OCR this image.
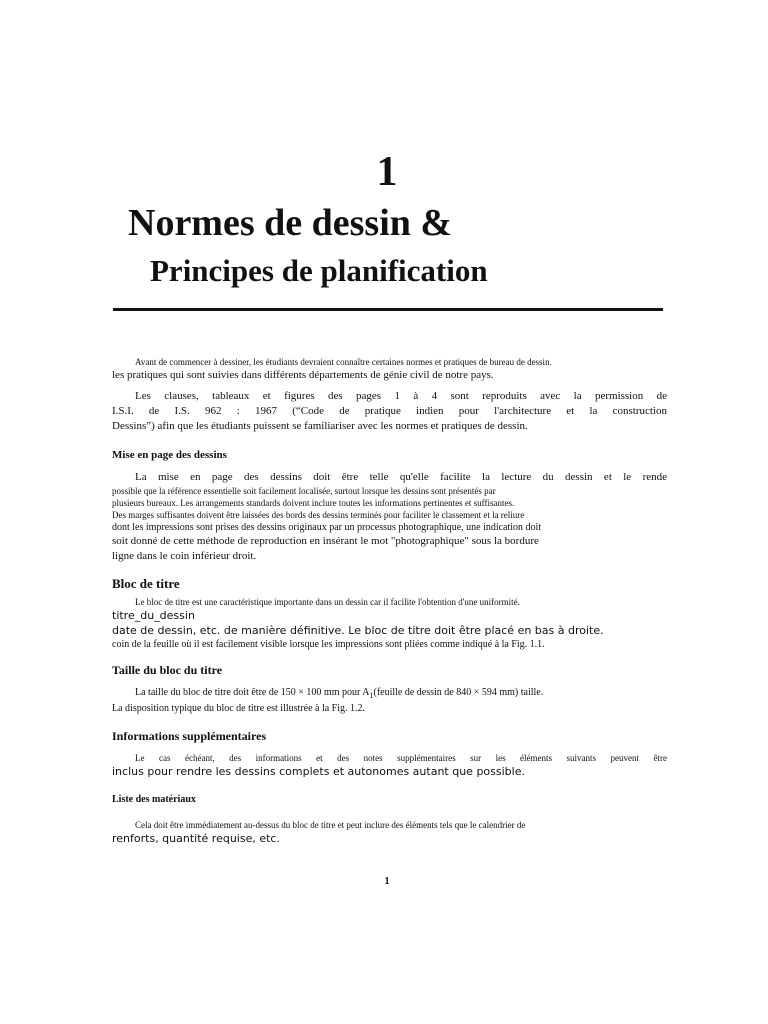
1
Normes de dessin &
Principes de planification
Avant de commencer à dessiner, les étudiants devraient connaître certaines normes et pratiques de bureau de dessin.
les pratiques qui sont suivies dans différents départements de génie civil de notre pays.
Les clauses, tableaux et figures des pages 1 à 4 sont reproduits avec la permission de
I.S.I. de I.S. 962 : 1967 (“Code de pratique indien pour l'architecture et la construction
Dessins”) afin que les étudiants puissent se familiariser avec les normes et pratiques de dessin.
Mise en page des dessins
La mise en page des dessins doit être telle qu'elle facilite la lecture du dessin et le rende
possible que la référence essentielle soit facilement localisée, surtout lorsque les dessins sont présentés par
plusieurs bureaux. Les arrangements standards doivent inclure toutes les informations pertinentes et suffisantes.
Des marges suffisantes doivent être laissées des bords des dessins terminés pour faciliter le classement et la reliure
dont les impressions sont prises des dessins originaux par un processus photographique, une indication doit
soit donné de cette méthode de reproduction en insérant le mot "photographique" sous la bordure
ligne dans le coin inférieur droit.
Bloc de titre
Le bloc de titre est une caractéristique importante dans un dessin car il facilite l'obtention d'une uniformité.
titre_du_dessin
date de dessin, etc. de manière définitive. Le bloc de titre doit être placé en bas à droite.
coin de la feuille où il est facilement visible lorsque les impressions sont pliées comme indiqué à la Fig. 1.1.
Taille du bloc du titre
La taille du bloc de titre doit être de 150 × 100 mm pour $A_1(feuille$ de dessin de 840 × 594 mm) taille.
La disposition typique du bloc de titre est illustrée à la Fig. 1.2.
Informations supplémentaires
Le cas échéant, des informations et des notes supplémentaires sur les éléments suivants peuvent être
inclus pour rendre les dessins complets et autonomes autant que possible.
Liste des matériaux
Cela doit être immédiatement au-dessus du bloc de titre et peut inclure des éléments tels que le calendrier de
renforts, quantité requise, etc.
1
